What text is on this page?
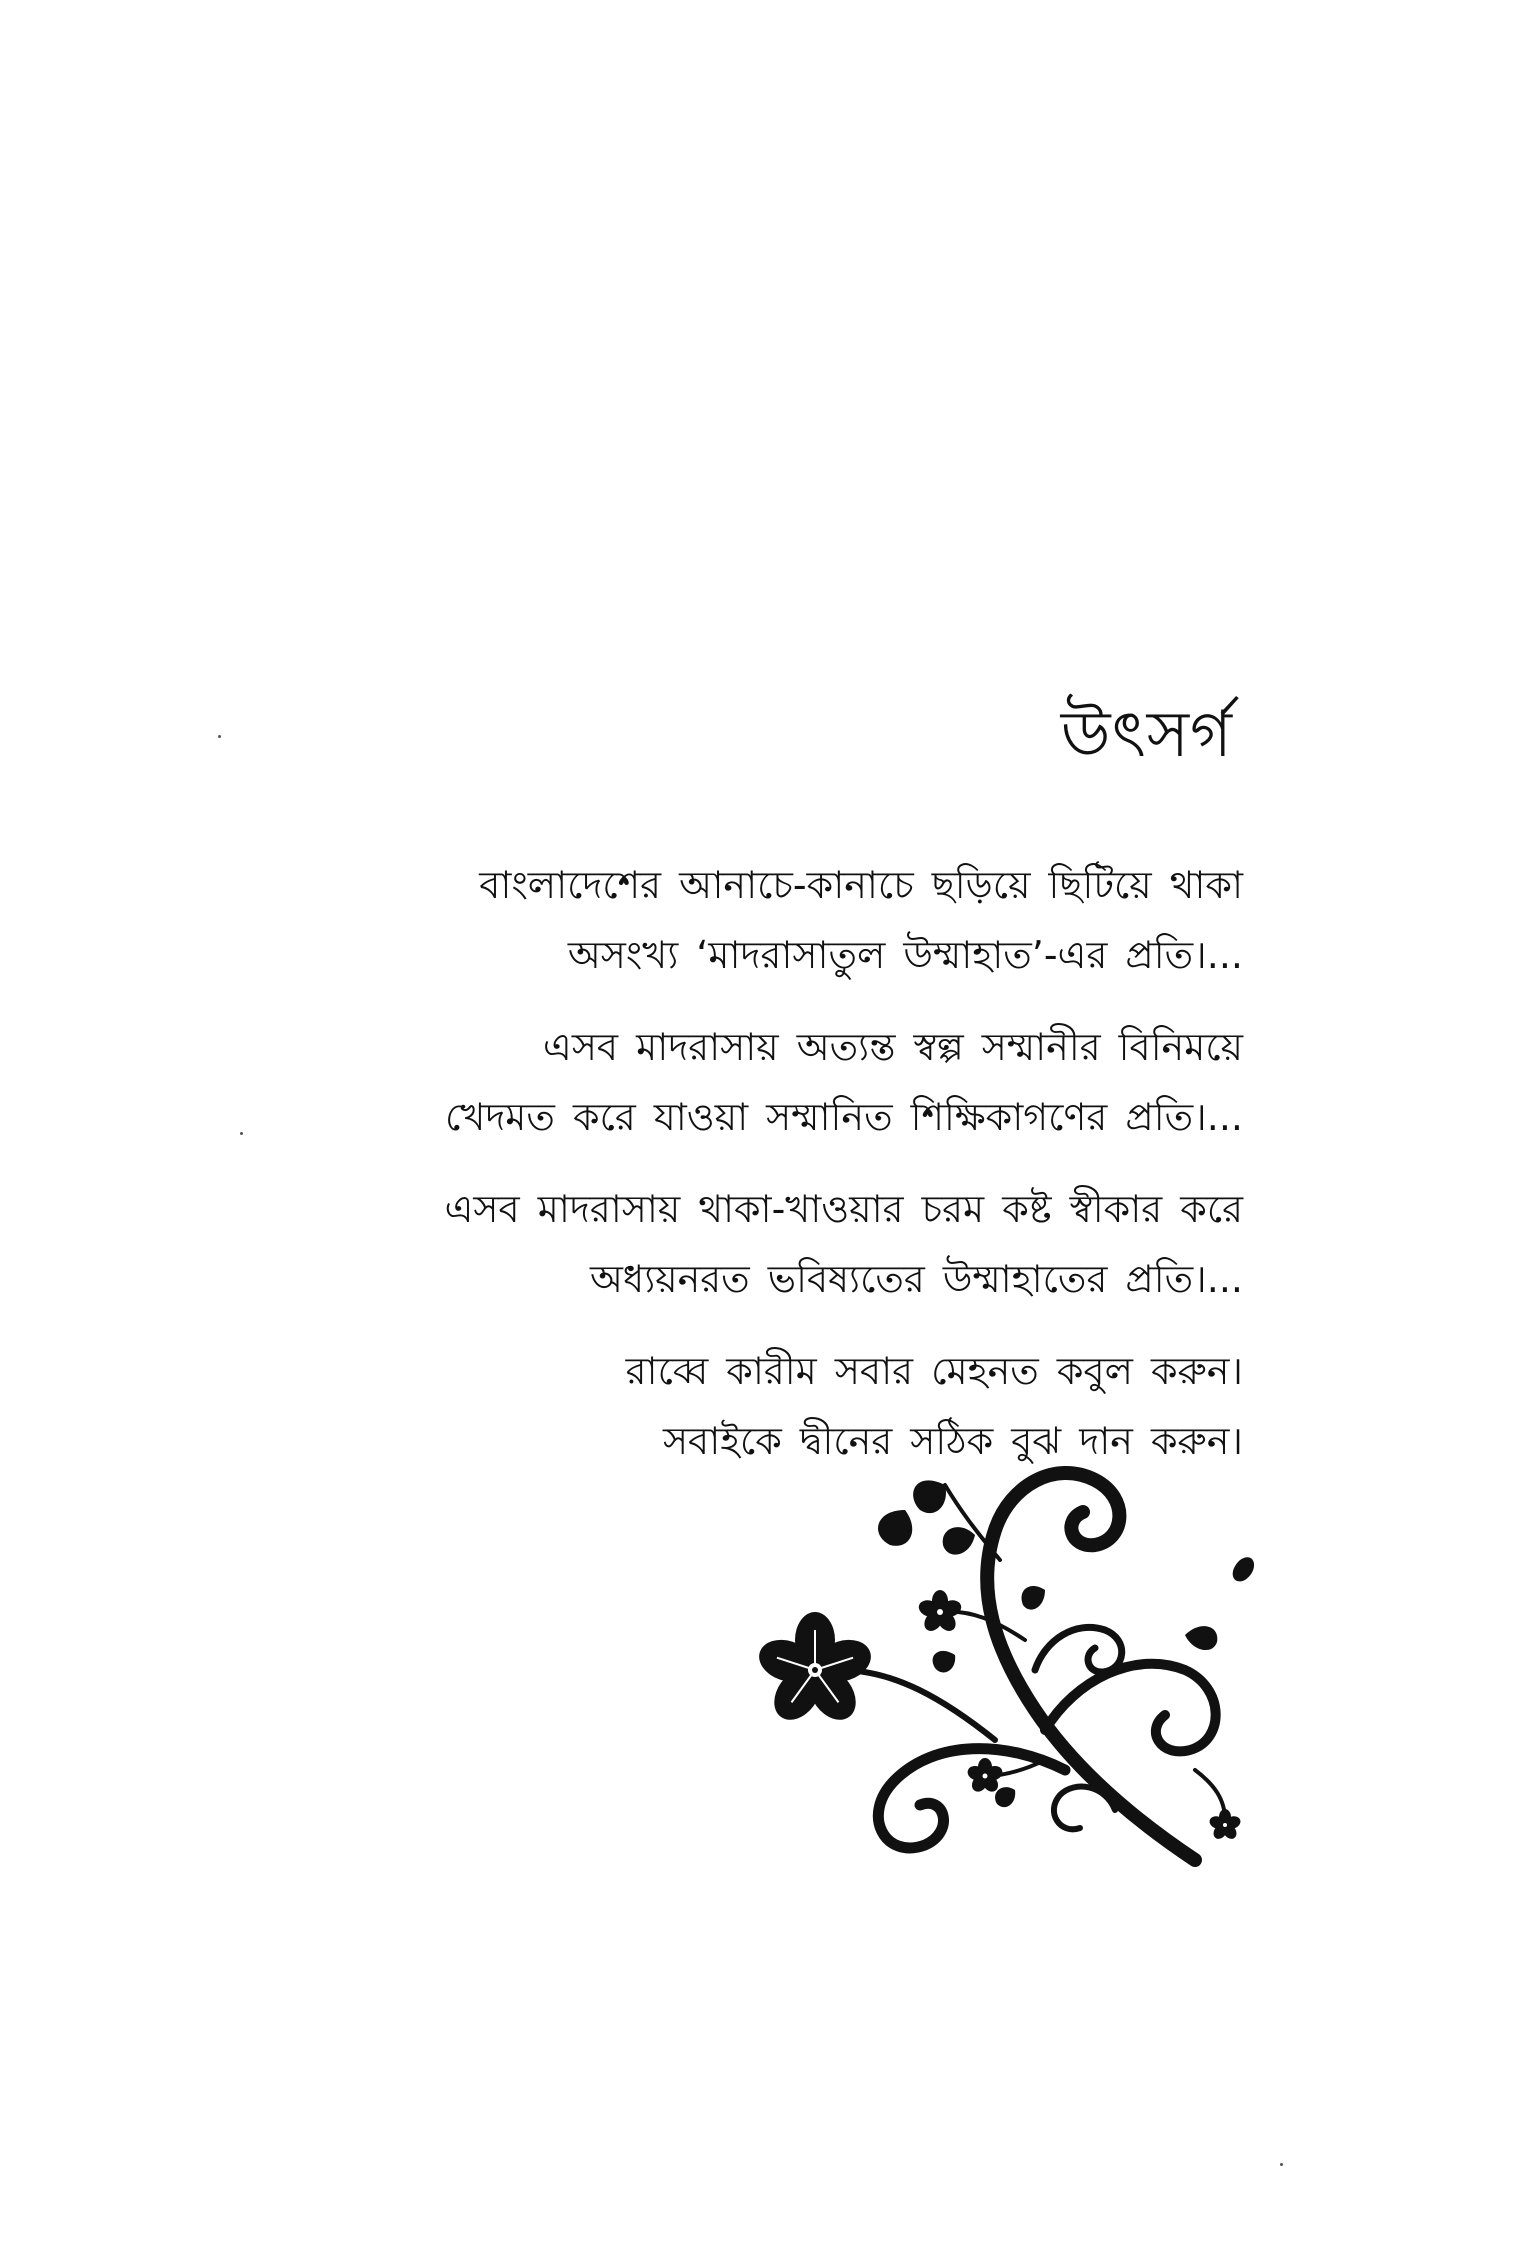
উৎসর্গ
বাংলাদেশের আনাচে-কানাচে ছড়িয়ে ছিটিয়ে থাকা
অসংখ্য ‘মাদরাসাতুল উম্মাহাত’-এর প্রতি।...
এসব মাদরাসায় অত্যন্ত স্বল্প সম্মানীর বিনিময়ে
খেদমত করে যাওয়া সম্মানিত শিক্ষিকাগণের প্রতি।...
এসব মাদরাসায় থাকা-খাওয়ার চরম কষ্ট স্বীকার করে
অধ্যয়নরত ভবিষ্যতের উম্মাহাতের প্রতি।...
রাব্বে কারীম সবার মেহনত কবুল করুন।
সবাইকে দ্বীনের সঠিক বুঝ দান করুন।
